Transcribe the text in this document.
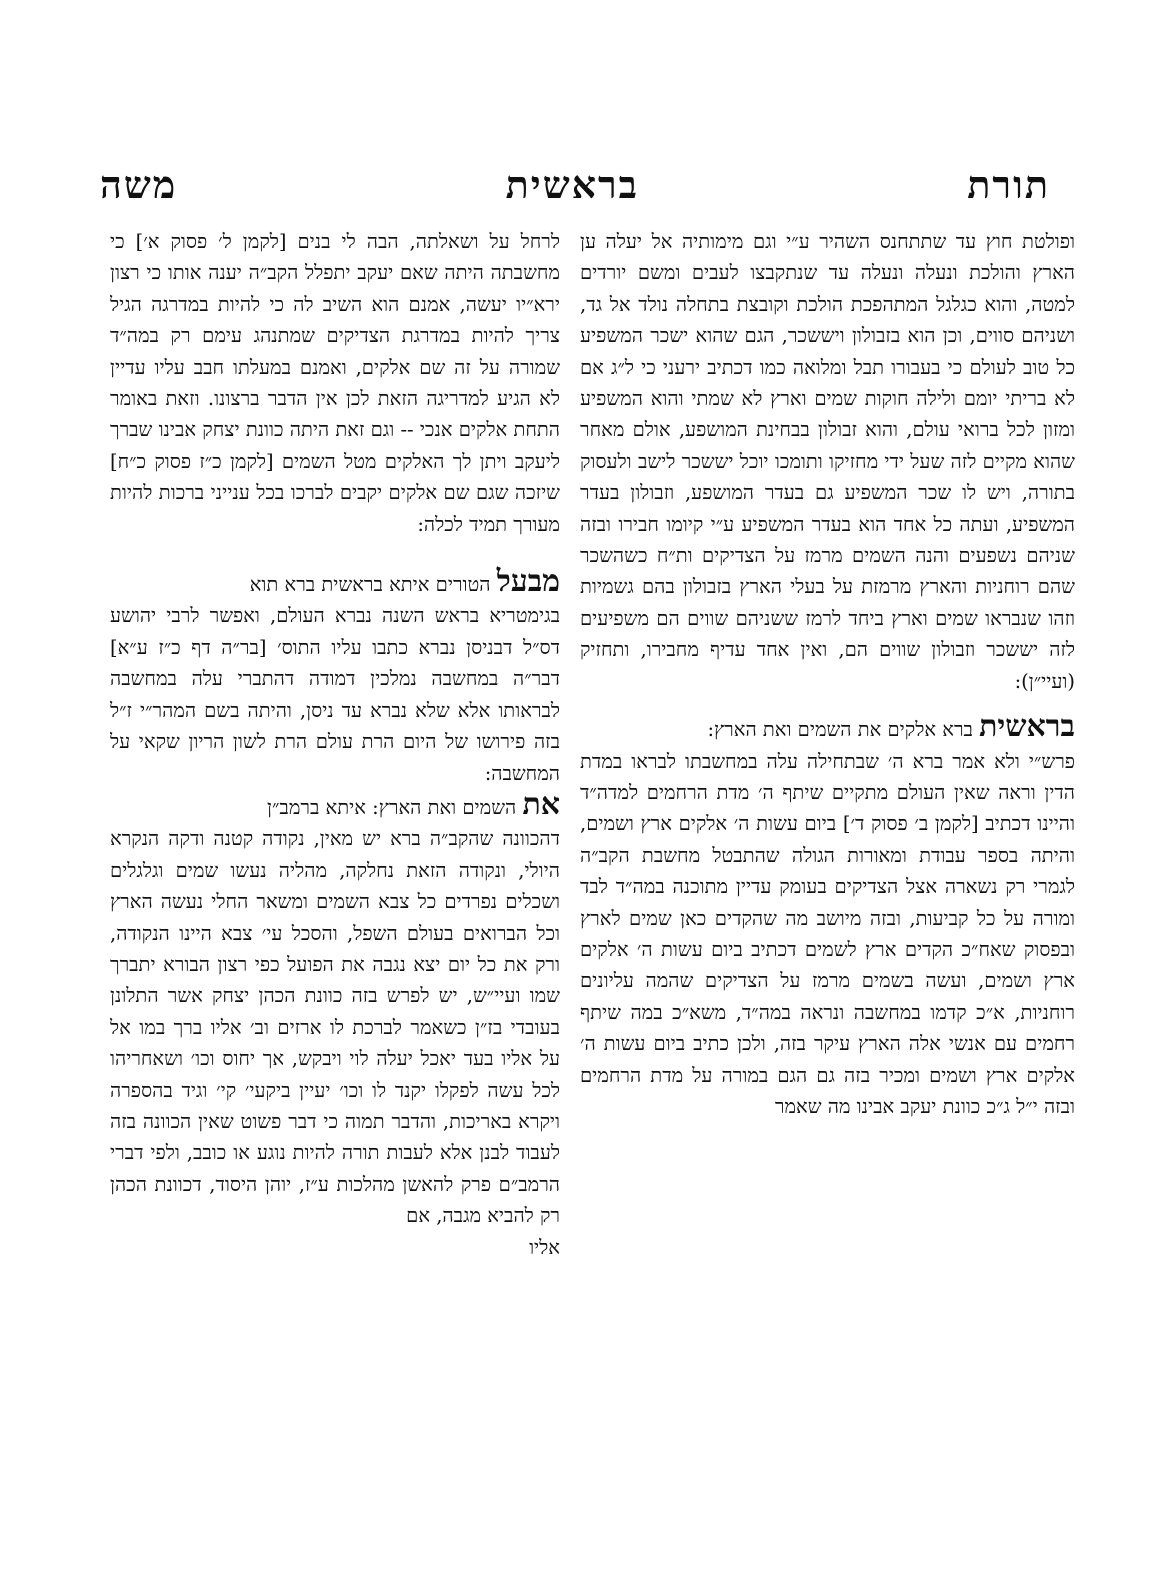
תורת
בראשית
משה

ופולטת חוץ עד שתתחנס השהיר ע״י וגם מימותיה אל יעלה ען הארץ והולכת ונעלה ונעלה עד שנתקבצו לעבים ומשם יורדים למטה, והוא כגלגל המתהפכת הולכת וקובצת בתחלה נולד אל גד, ושניהם סווים, וכן הוא בזבולון ויששכר, הגם שהוא ישכר המשפיע כל טוב לעולם כי בעבורו תבל ומלואה כמו דכתיב ירעני כי ל״ג אם לא בריתי יומם ולילה חוקות שמים וארץ לא שמתי והוא המשפיע ומזון לכל ברואי עולם, והוא זבולון בבחינת המושפע, אולם מאחר שהוא מקיים לזה שעל ידי מחזיקו ותומכו יוכל יששכר לישב ולעסוק בתורה, ויש לו שכר המשפיע גם בעדר המושפע, וזבולון בעדר המשפיע, ועתה כל אחד הוא בעדר המשפיע ע״י קיומו חבירו ובזה שניהם נשפעים והנה השמים מרמז על הצדיקים ות״ח כשהשכר שהם רוחניות והארץ מרמזת על בעלי הארץ בזבולון בהם גשמיות וזהו שנבראו שמים וארץ ביחד לרמז ששניהם שווים הם משפיעים לזה יששכר וזבולון שווים הם, ואין אחד עדיף מחבירו, ותחזיק (ועיי״ן):

בראשית ברא אלקים את השמים ואת הארץ:

פרש״י ולא אמר ברא ה׳ שבתחילה עלה במחשבתו לבראו במדת הדין וראה שאין העולם מתקיים שיתף ה׳ מדת הרחמים למדה״ד והיינו דכתיב [לקמן ב׳ פסוק ד׳] ביום עשות ה׳ אלקים ארץ ושמים, והיתה בספר עבודת ומאורות הגולה שהתבטל מחשבת הקב״ה לגמרי רק נשארה אצל הצדיקים בעומק עדיין מתוכנה במה״ד לבד ומורה על כל קביעות, ובזה מיושב מה שהקדים כאן שמים לארץ ובפסוק שאח״כ הקדים ארץ לשמים דכתיב ביום עשות ה׳ אלקים ארץ ושמים, ועשה בשמים מרמז על הצדיקים שהמה עליונים רוחניות, א״כ קדמו במחשבה ונראה במה״ד, משא״כ במה שיתף רחמים עם אנשי אלה הארץ עיקר בזה, ולכן כתיב ביום עשות ה׳ אלקים ארץ ושמים ומכיר בזה גם הגם במורה על מדת הרחמים ובזה י״ל ג״כ כוונת יעקב אבינו מה שאמר

לרחל על ושאלתה, הבה לי בנים [לקמן ל׳ פסוק א׳] כי מחשבתה היתה שאם יעקב יתפלל הקב״ה יענה אותו כי רצון ירא״יו יעשה, אמנם הוא השיב לה כי להיות במדרגה הגיל צריך להיות במדרגת הצדיקים שמתנהג עימם רק במה״ד שמורה על זה שם אלקים, ואמנם במעלתו חבב עליו עדיין לא הגיע למדריגה הזאת לכן אין הדבר ברצונו. וזאת באומר התחת אלקים אנכי -- וגם זאת היתה כוונת יצחק אבינו שברך ליעקב ויתן לך האלקים מטל השמים [לקמן כ״ז פסוק כ״ח] שיזכה שגם שם אלקים יקבים לברכו בכל ענייני ברכות להיות מעורך תמיד לכלה:

מבעל הטורים איתא בראשית ברא תוא

בגימטריא בראש השנה נברא העולם, ואפשר לרבי יהושע דס״ל דבניסן נברא כתבו עליו התוס׳ [בר״ה דף כ״ז ע״א] דבר״ה במחשבה נמלכין דמודה דהתברי עלה במחשבה לבראותו אלא שלא נברא עד ניסן, והיתה בשם המהר״י ז״ל בזה פירושו של היום הרת עולם הרת לשון הריון שקאי על המחשבה:

את השמים ואת הארץ: איתא ברמב״ן

דהכוונה שהקב״ה ברא יש מאין, נקודה קטנה ודקה הנקרא היולי, ונקודה הזאת נחלקה, מהליה נעשו שמים וגלגלים ושכלים נפרדים כל צבא השמים ומשאר החלי נעשה הארץ וכל הברואים בעולם השפל, והסכל עי׳ צבא היינו הנקודה, ורק את כל יום יצא נגבה את הפועל כפי רצון הבורא יתברך שמו ועיי״ש, יש לפרש בזה כוונת הכהן יצחק אשר התלונן בעובדי בז״ן כשאמר לברכת לו ארזים וב׳ אליו ברך במו אל על אליו בעד יאכל יעלה לוי ויבקש, אך יחוס וכו׳ ושאחריהו לכל עשה לפקלו יקנד לו וכו׳ יעיין ביקעי׳ קי׳ וגיד בהספרה ויקרא באריכות, והדבר תמוה כי דבר פשוט שאין הכוונה בזה לעבוד לבנן אלא לעבות תורה להיות נוגע או כובב, ולפי דברי הרמב״ם פרק להאשן מהלכות ע״ז, יוהן היסוד, דכוונת הכהן רק להביא מגבה, אם

אליו
